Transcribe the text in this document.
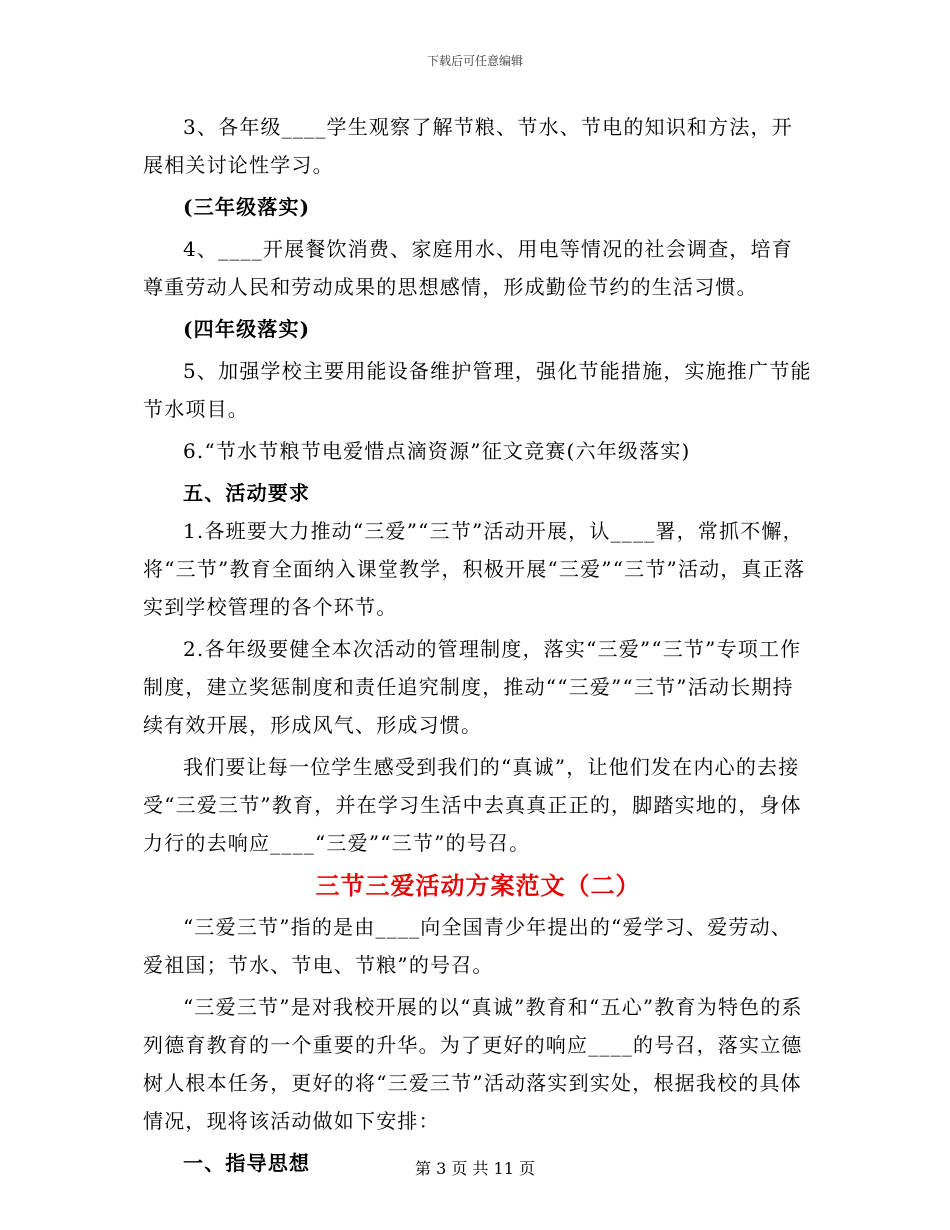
下载后可任意编辑

3、各年级____学生观察了解节粮、节水、节电的知识和方法，开展相关讨论性学习。

(三年级落实)

4、____开展餐饮消费、家庭用水、用电等情况的社会调查，培育尊重劳动人民和劳动成果的思想感情，形成勤俭节约的生活习惯。

(四年级落实)

5、加强学校主要用能设备维护管理，强化节能措施，实施推广节能节水项目。

6.“节水节粮节电爱惜点滴资源”征文竞赛(六年级落实)

五、活动要求

1.各班要大力推动“三爱”“三节”活动开展，认____署，常抓不懈，将“三节”教育全面纳入课堂教学，积极开展“三爱”“三节”活动，真正落实到学校管理的各个环节。

2.各年级要健全本次活动的管理制度，落实“三爱”“三节”专项工作制度，建立奖惩制度和责任追究制度，推动““三爱”“三节”活动长期持续有效开展，形成风气、形成习惯。

我们要让每一位学生感受到我们的“真诚”，让他们发在内心的去接受“三爱三节”教育，并在学习生活中去真真正正的，脚踏实地的，身体力行的去响应____“三爱”“三节”的号召。

三节三爱活动方案范文（二）

“三爱三节”指的是由____向全国青少年提出的“爱学习、爱劳动、爱祖国；节水、节电、节粮”的号召。

“三爱三节”是对我校开展的以“真诚”教育和“五心”教育为特色的系列德育教育的一个重要的升华。为了更好的响应____的号召，落实立德树人根本任务，更好的将“三爱三节”活动落实到实处，根据我校的具体情况，现将该活动做如下安排：

一、指导思想	第 3 页 共 11 页
